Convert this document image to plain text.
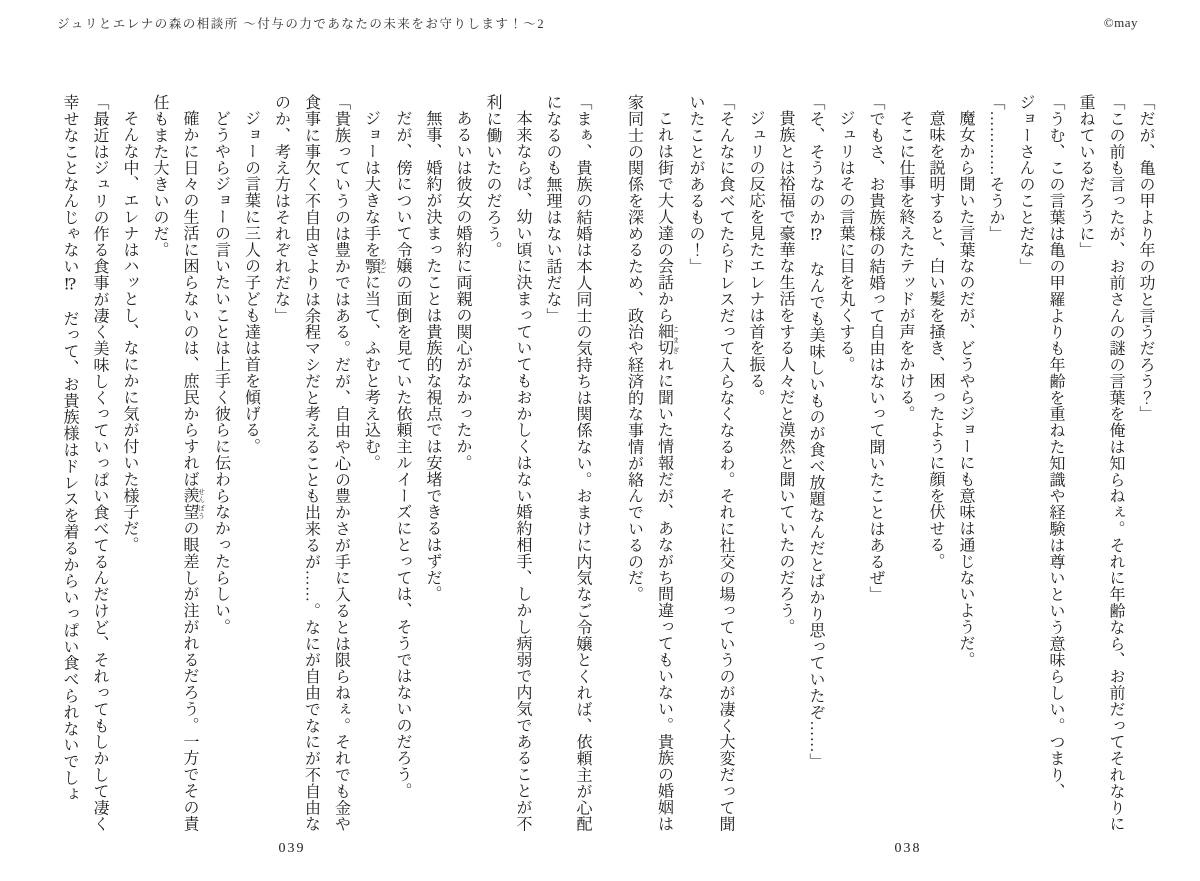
ジュリとエレナの森の相談所 ～付与の力であなたの未来をお守りします！～2	©may

「だが、亀の甲より年の功と言うだろう？」

「この前も言ったが、お前さんの謎の言葉を俺は知らねぇ。それに年齢なら、お前だってそれなりに

重ねているだろうに」

「うむ、この言葉は亀の甲羅よりも年齢を重ねた知識や経験は尊いという意味らしい。つまり、

ジョーさんのことだな」

「…………そうか」

魔女から聞いた言葉なのだが、どうやらジョーにも意味は通じないようだ。

意味を説明すると、白い髪を掻き、困ったように顔を伏せる。

そこに仕事を終えたテッドが声をかける。

「でもさ、お貴族様の結婚って自由はないって聞いたことはあるぜ」

ジュリはその言葉に目を丸くする。

「そ、そうなのか⁉　なんでも美味しいものが食べ放題なんだとばかり思っていたぞ……」

貴族とは裕福で豪華な生活をする人々だと漠然と聞いていたのだろう。

ジュリの反応を見たエレナは首を振る。

「そんなに食べてたらドレスだって入らなくなるわ。それに社交の場っていうのが凄く大変だって聞

いたことがあるもの！」

これは街で大人達の会話から細切 こまぎれに聞いた情報だが、あながち間違ってもいない。貴族の婚姻は

家同士の関係を深めるため、政治や経済的な事情が絡んでいるのだ。

「まぁ、貴族の結婚は本人同士の気持ちは関係ない。おまけに内気なご令嬢とくれば、依頼主が心配

になるのも無理はない話だな」

本来ならば、幼い頃に決まっていてもおかしくはない婚約相手、しかし病弱で内気であることが不

利に働いたのだろう。

あるいは彼女の婚約に両親の関心がなかったか。

無事、婚約が決まったことは貴族的な視点では安堵できるはずだ。

だが、傍について令嬢の面倒を見ていた依頼主ルイーズにとっては、そうではないのだろう。

ジョーは大きな手を顎 あごに当て、ふむと考え込む。

「貴族っていうのは豊かではある。だが、自由や心の豊かさが手に入るとは限らねぇ。それでも金や

食事に事欠く不自由さよりは余程マシだと考えることも出来るが……。なにが自由でなにが不自由な

のか、考え方はそれぞれだな」

ジョーの言葉に三人の子ども達は首を傾げる。

どうやらジョーの言いたいことは上手く彼らに伝わらなかったらしい。

確かに日々の生活に困らないのは、庶民からすれば羨望 せんぼうの眼差しが注がれるだろう。一方でその責

任もまた大きいのだ。

そんな中、エレナはハッとし、なにかに気が付いた様子だ。

「最近はジュリの作る食事が凄く美味しくっていっぱい食べてるんだけど、それってもしかして凄く

幸せなことなんじゃない⁉　だって、お貴族様はドレスを着るからいっぱい食べられないでしょ

038
039
